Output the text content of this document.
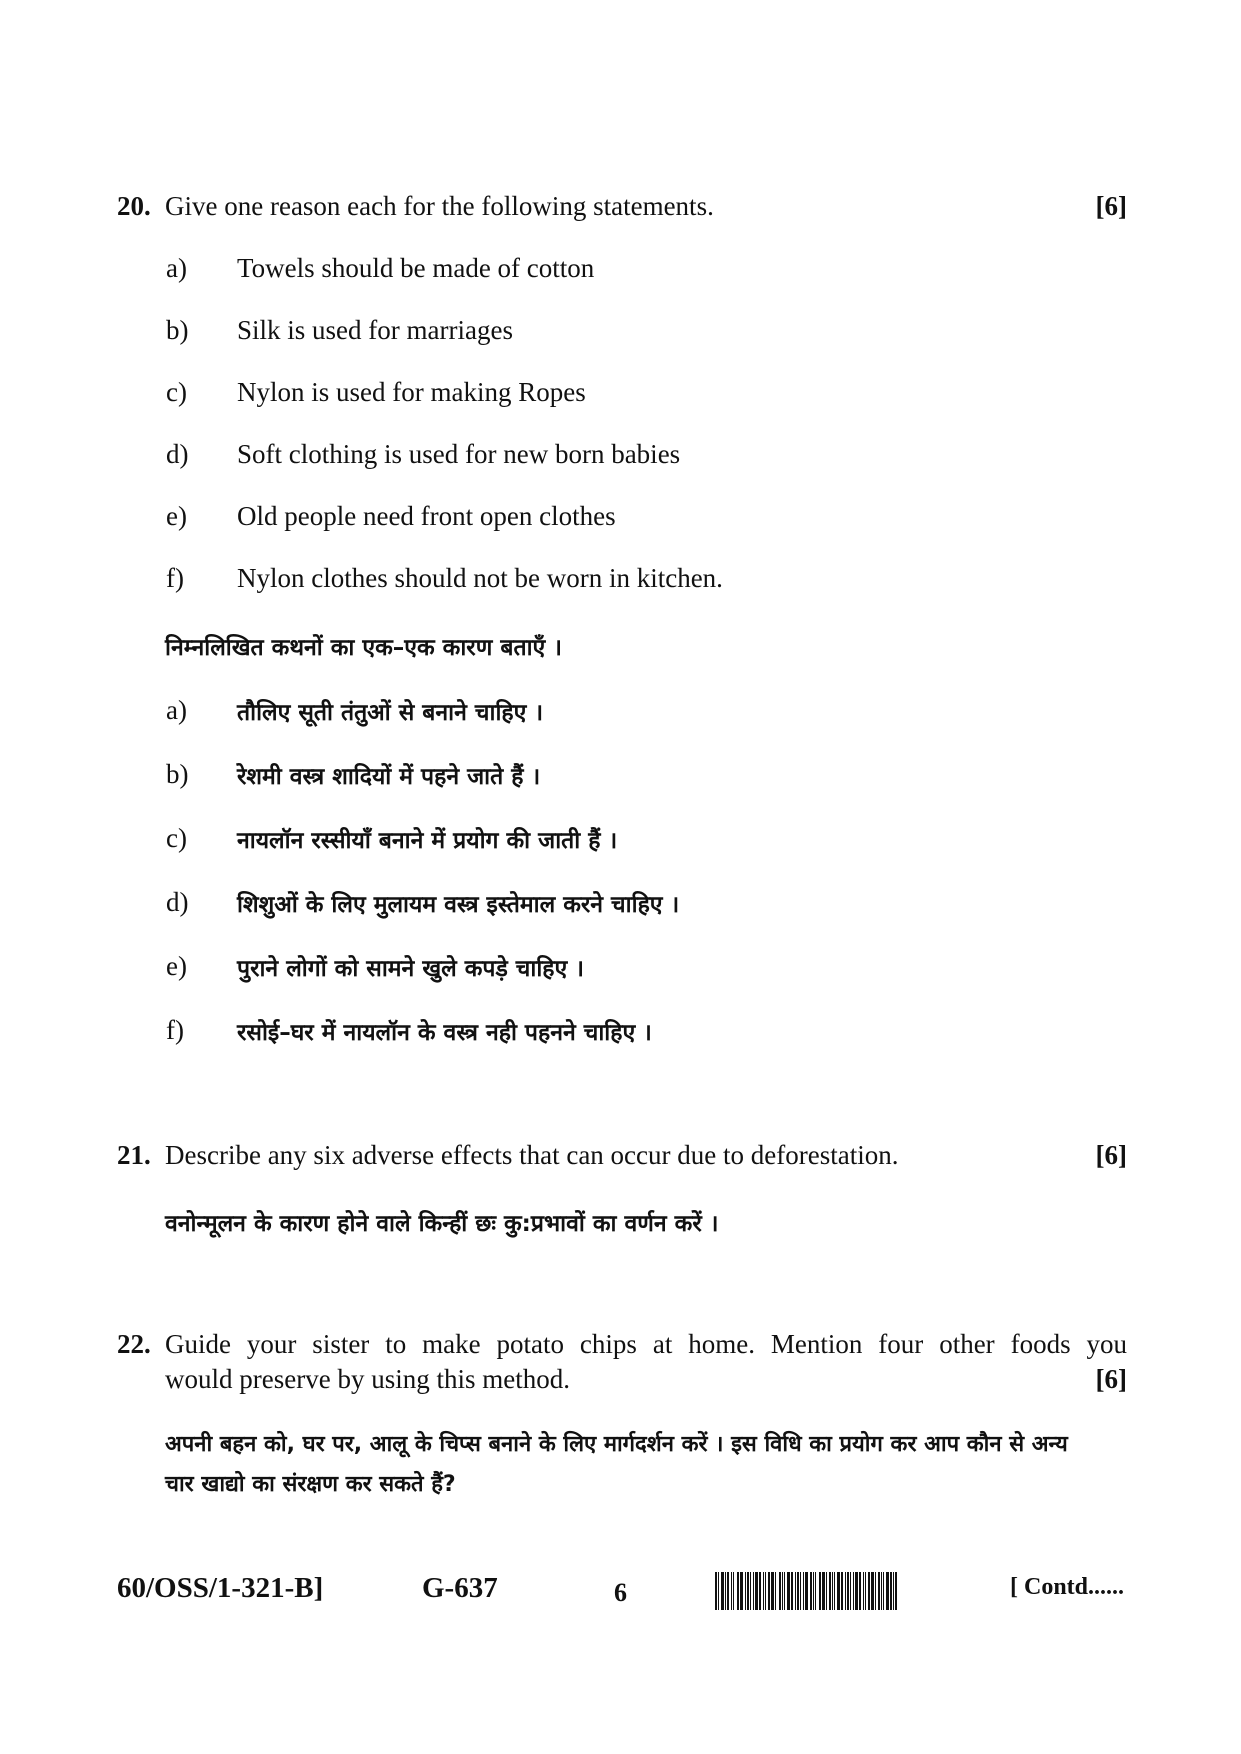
20. Give one reason each for the following statements.	[6]
a) Towels should be made of cotton
b) Silk is used for marriages
c) Nylon is used for making Ropes
d) Soft clothing is used for new born babies
e) Old people need front open clothes
f) Nylon clothes should not be worn in kitchen.
निम्नलिखित कथनों का एक–एक कारण बताएँ ।
a) तौलिए सूती तंतुओं से बनाने चाहिए ।
b) रेशमी वस्त्र शादियों में पहने जाते हैं ।
c) नायलॉन रस्सीयाँ बनाने में प्रयोग की जाती हैं ।
d) शिशुओं के लिए मुलायम वस्त्र इस्तेमाल करने चाहिए ।
e) पुराने लोगों को सामने खुले कपड़े चाहिए ।
f) रसोई–घर में नायलॉन के वस्त्र नही पहनने चाहिए ।
21. Describe any six adverse effects that can occur due to deforestation.	[6]
वनोन्मूलन के कारण होने वाले किन्हीं छः कु:प्रभावों का वर्णन करें ।
22. Guide your sister to make potato chips at home. Mention four other foods you
would preserve by using this method.	[6]
अपनी बहन को, घर पर, आलू के चिप्स बनाने के लिए मार्गदर्शन करें । इस विधि का प्रयोग कर आप कौन से अन्य
चार खाद्यो का संरक्षण कर सकते हैं?
60/OSS/1-321-B]	G-637	6	[ Contd......
